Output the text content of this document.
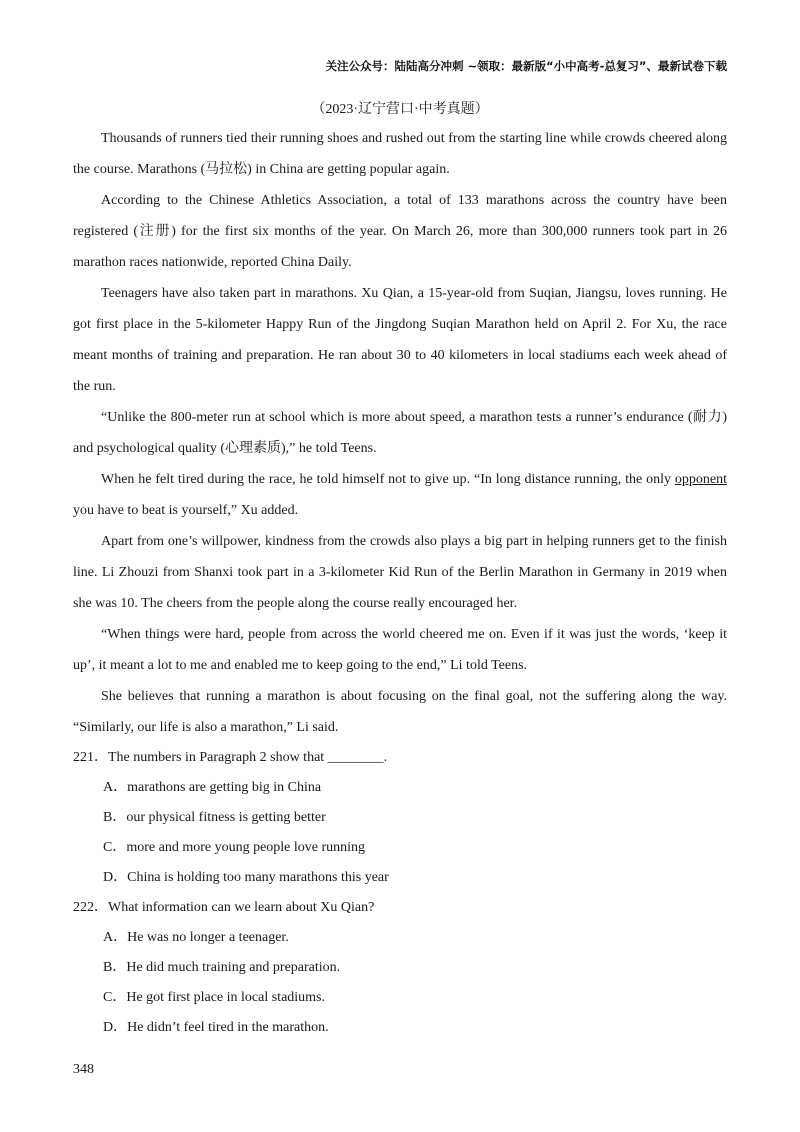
关注公众号：陆陆高分冲刺 ~领取：最新版“小中高考-总复习”、最新试卷下载
（2023·辽宁营口·中考真题）

Thousands of runners tied their running shoes and rushed out from the starting line while crowds cheered along the course. Marathons (马拉松) in China are getting popular again.

According to the Chinese Athletics Association, a total of 133 marathons across the country have been registered (注册) for the first six months of the year. On March 26, more than 300,000 runners took part in 26 marathon races nationwide, reported China Daily.

Teenagers have also taken part in marathons. Xu Qian, a 15-year-old from Suqian, Jiangsu, loves running. He got first place in the 5-kilometer Happy Run of the Jingdong Suqian Marathon held on April 2. For Xu, the race meant months of training and preparation. He ran about 30 to 40 kilometers in local stadiums each week ahead of the run.

“Unlike the 800-meter run at school which is more about speed, a marathon tests a runner’s endurance (耐力) and psychological quality (心理素质),” he told Teens.

When he felt tired during the race, he told himself not to give up. “In long distance running, the only opponent you have to beat is yourself,” Xu added.

Apart from one’s willpower, kindness from the crowds also plays a big part in helping runners get to the finish line. Li Zhouzi from Shanxi took part in a 3-kilometer Kid Run of the Berlin Marathon in Germany in 2019 when she was 10. The cheers from the people along the course really encouraged her.

“When things were hard, people from across the world cheered me on. Even if it was just the words, ‘keep it up’, it meant a lot to me and enabled me to keep going to the end,” Li told Teens.

She believes that running a marathon is about focusing on the final goal, not the suffering along the way. “Similarly, our life is also a marathon,” Li said.

221．The numbers in Paragraph 2 show that ________.

A．marathons are getting big in China

B．our physical fitness is getting better

C．more and more young people love running

D．China is holding too many marathons this year

222．What information can we learn about Xu Qian?

A．He was no longer a teenager.

B．He did much training and preparation.

C．He got first place in local stadiums.

D．He didn’t feel tired in the marathon.

348
